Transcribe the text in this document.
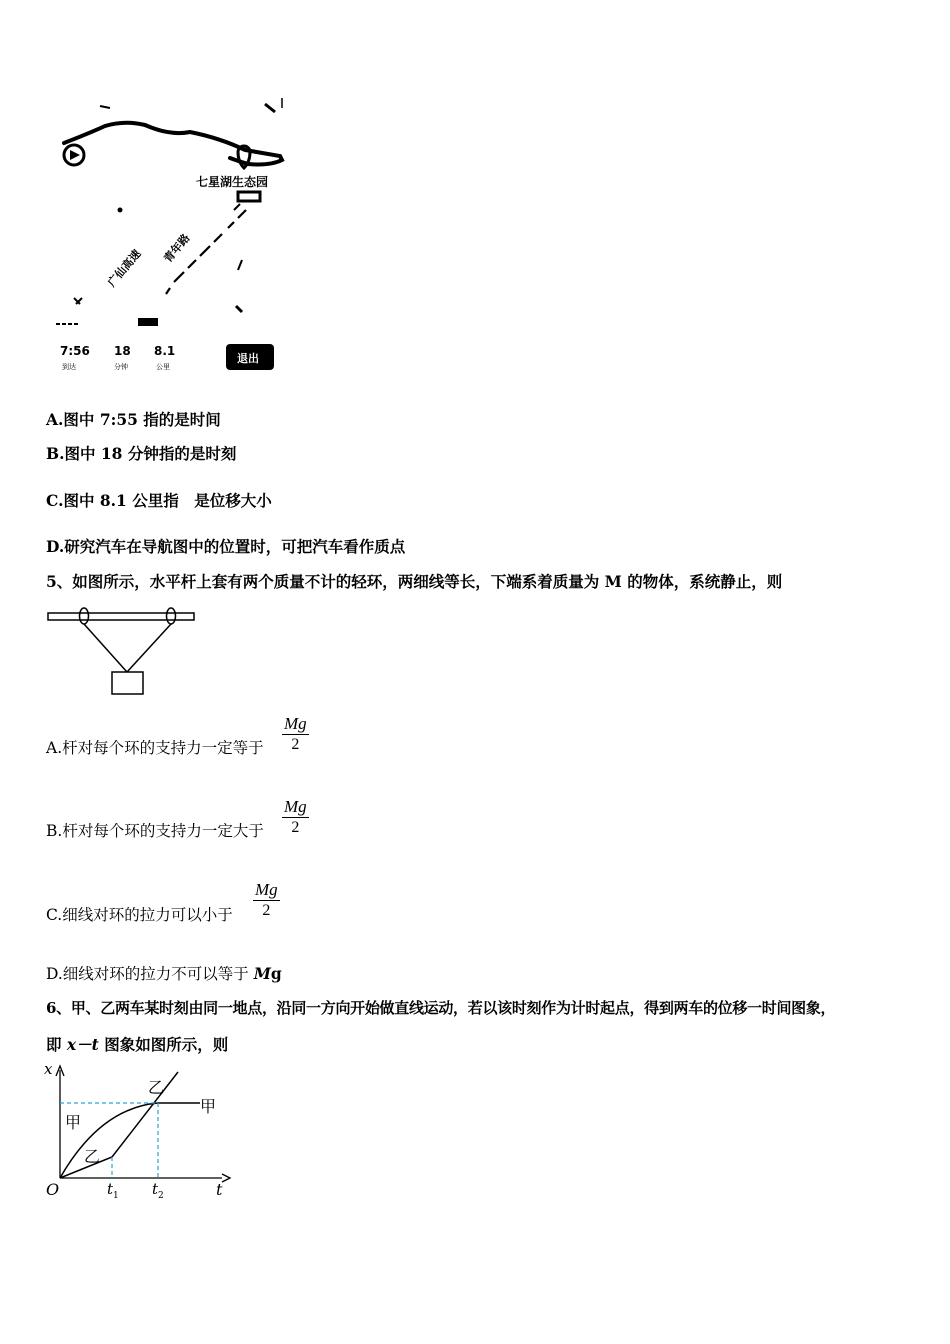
七星湖生态园
广仙高速 青年路
7:56
到达
18
分钟
8.1
公里
退出
A.图中 7:55 指的是时间
B.图中 18 分钟指的是时刻
C.图中 8.1 公里指　是位移大小
D.研究汽车在导航图中的位置时，可把汽车看作质点
5、如图所示，水平杆上套有两个质量不计的轻环，两细线等长，下端系着质量为 M 的物体，系统静止，则
A.杆对每个环的支持力一定等于 $\frac{Mg}{2}$
B.杆对每个环的支持力一定大于 $\frac{Mg}{2}$
C.细线对环的拉力可以小于 $\frac{Mg}{2}$
D.细线对环的拉力不可以等于 Mg
6、甲、乙两车某时刻由同一地点，沿同一方向开始做直线运动，若以该时刻作为计时起点，得到两车的位移一时间图象，
即 x－t 图象如图所示，则
x
O	t
$t_1$ $t_2$
甲
甲
乙
乙
